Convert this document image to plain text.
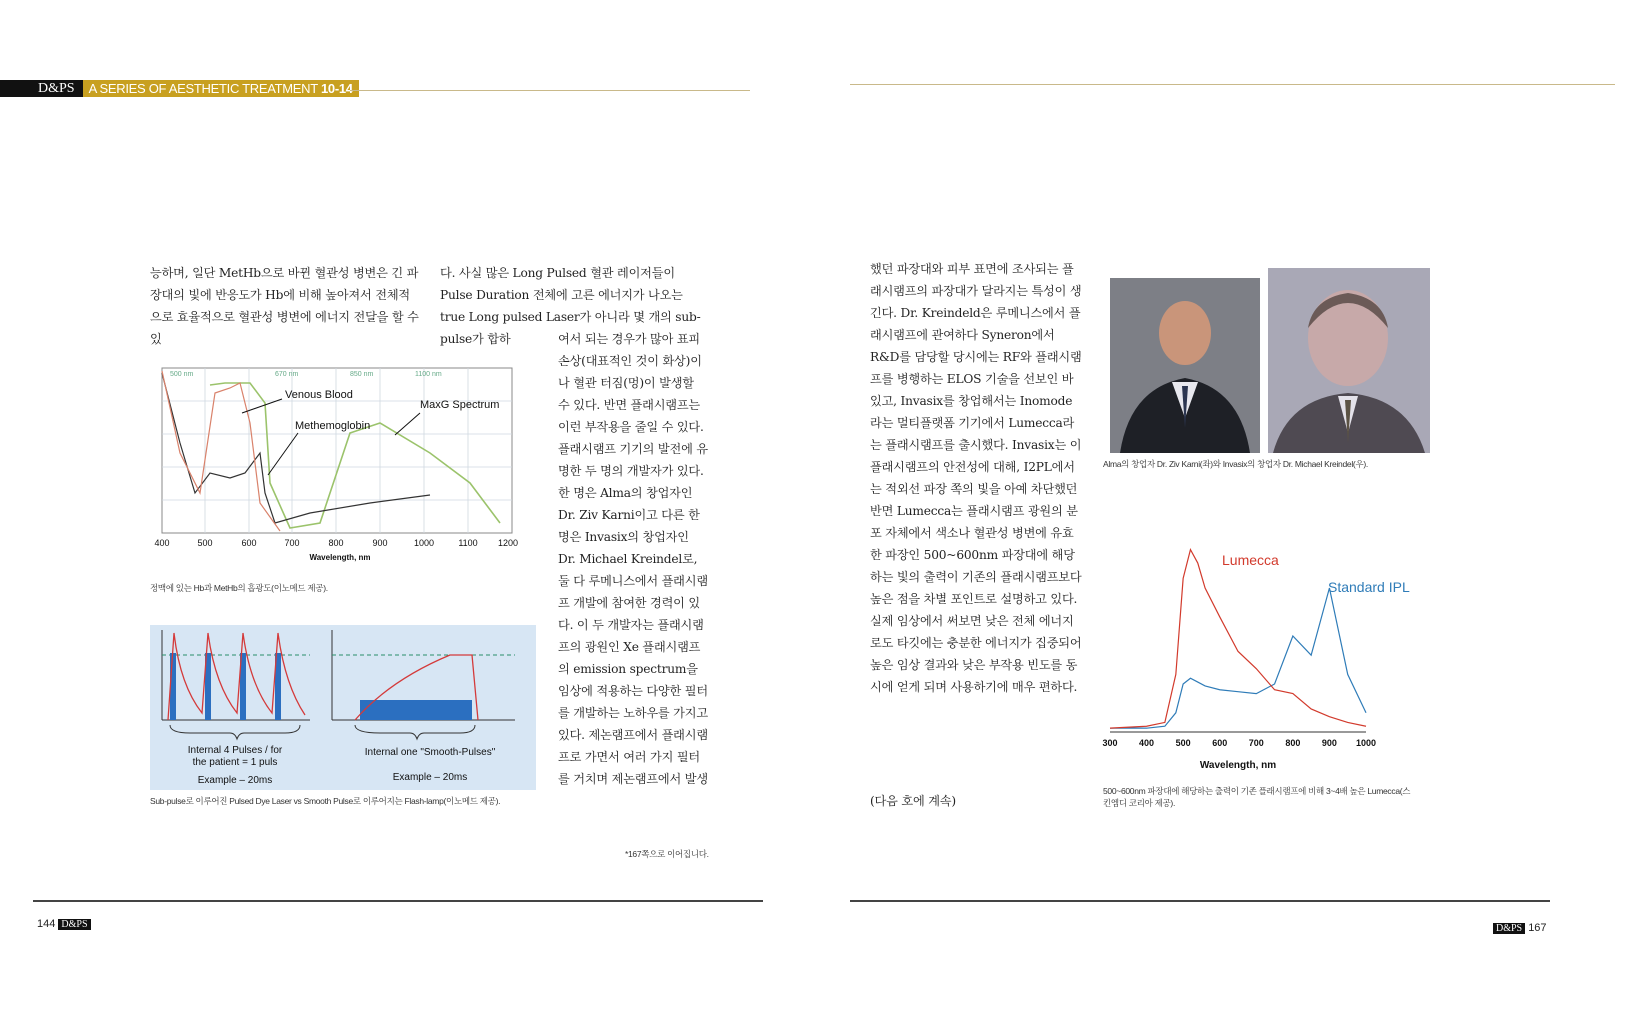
D&PS	A SERIES OF AESTHETIC TREATMENT 10-14
능하며, 일단 MetHb으로 바뀐 혈관성 병변은 긴 파장대의 빛에 반응도가 Hb에 비해 높아져서 전체적으로 효율적으로 혈관성 병변에 에너지 전달을 할 수 있
다. 사실 많은 Long Pulsed 혈관 레이저들이 Pulse Duration 전체에 고른 에너지가 나오는 true Long pulsed Laser가 아니라 몇 개의 sub-pulse가 합하	여서 되는 경우가 많아 표피손상(대표적인 것이 화상)이나 혈관 터짐(멍)이 발생할 수 있다. 반면 플래시램프는 이런 부작용을 줄일 수 있다. 플래시램프 기기의 발전에 유명한 두 명의 개발자가 있다. 한 명은 Alma의 창업자인 Dr. Ziv Karni이고 다른 한 명은 Invasix의 창업자인 Dr. Michael Kreindel로, 둘 다 루메니스에서 플래시램프 개발에 참여한 경력이 있다. 이 두 개발자는 플래시램프의 광원인 Xe 플래시램프의 emission spectrum을 임상에 적용하는 다양한 필터를 개발하는 노하우를 가지고 있다. 제논램프에서 플래시램프로 가면서 여러 가지 필터를 거치며 제논램프에서 발생
500 nm	670 nm	850 nm	1100 nm
Venous Blood
Methemoglobin
MaxG Spectrum
400	500	600	700	800	900	1000	1100 1200
Wavelength, nm
정맥에 있는 Hb과 MetHb의 흡광도(이노메드 제공).
Internal 4 Pulses / for
the patient = 1 puls
Example – 20ms
Internal one "Smooth-Pulses"
Example – 20ms
Sub-pulse로 이루어진 Pulsed Dye Laser vs Smooth Pulse로 이루어지는 Flash-lamp(이노메드 제공).
*167쪽으로 이어집니다.
했던 파장대와 피부 표면에 조사되는 플래시램프의 파장대가 달라지는 특성이 생긴다. Dr. Kreindeld은 루메니스에서 플래시램프에 관여하다 Syneron에서 R&D를 담당할 당시에는 RF와 플래시램프를 병행하는 ELOS 기술을 선보인 바 있고, Invasix를 창업해서는 Inomode라는 멀티플랫폼 기기에서 Lumecca라는 플래시램프를 출시했다. Invasix는 이 플래시램프의 안전성에 대해, I2PL에서는 적외선 파장 쪽의 빛을 아예 차단했던 반면 Lumecca는 플래시램프 광원의 분포 자체에서 색소나 혈관성 병변에 유효한 파장인 500~600nm 파장대에 해당하는 빛의 출력이 기존의 플래시램프보다 높은 점을 차별 포인트로 설명하고 있다. 실제 임상에서 써보면 낮은 전체 에너지로도 타깃에는 충분한 에너지가 집중되어 높은 임상 결과와 낮은 부작용 빈도를 동시에 얻게 되며 사용하기에 매우 편하다.
(다음 호에 계속)
Alma의 창업자 Dr. Ziv Karni(좌)와 Invasix의 창업자 Dr. Michael Kreindel(우).
Lumecca
Standard IPL
300 400 500 600 700 800 900 1000
Wavelength, nm
500~600nm 파장대에 해당하는 출력이 기존 플래시램프에 비해 3~4배 높은 Lumecca(스킨엠디 코리아 제공).
144 D&PS	D&PS 167
